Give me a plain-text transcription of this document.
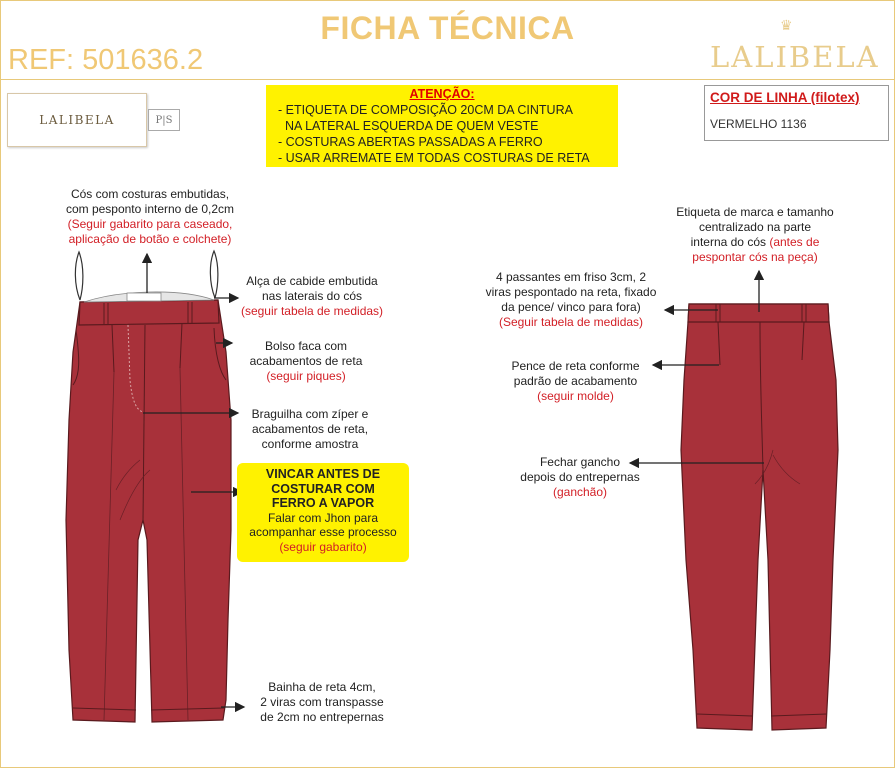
FICHA TÉCNICA
REF: 501636.2
♛
LALIBELA
LALIBELA	P|S
ATENÇÃO:
- ETIQUETA DE COMPOSIÇÃO 20CM DA CINTURA
NA LATERAL ESQUERDA DE QUEM VESTE
- COSTURAS ABERTAS PASSADAS A FERRO
- USAR ARREMATE EM TODAS COSTURAS DE RETA
COR DE LINHA (filotex)
VERMELHO 1136
Cós com costuras embutidas,
com pesponto interno de 0,2cm
(Seguir gabarito para caseado,
aplicação de botão e colchete)
Alça de cabide embutida
nas laterais do cós
(seguir tabela de medidas)
Bolso faca com
acabamentos de reta
(seguir piques)
Braguilha com zíper e
acabamentos de reta,
conforme amostra
VINCAR ANTES DE
COSTURAR COM
FERRO A VAPOR
Falar com Jhon para
acompanhar esse processo
(seguir gabarito)
Bainha de reta 4cm,
2 viras com transpasse
de 2cm no entrepernas
Etiqueta de marca e tamanho
centralizado na parte
interna do cós (antes de
pespontar cós na peça)
4 passantes em friso 3cm, 2
viras pespontado na reta, fixado
da pence/ vinco para fora)
(Seguir tabela de medidas)
Pence de reta conforme
padrão de acabamento
(seguir molde)
Fechar gancho
depois do entrepernas
(ganchão)
